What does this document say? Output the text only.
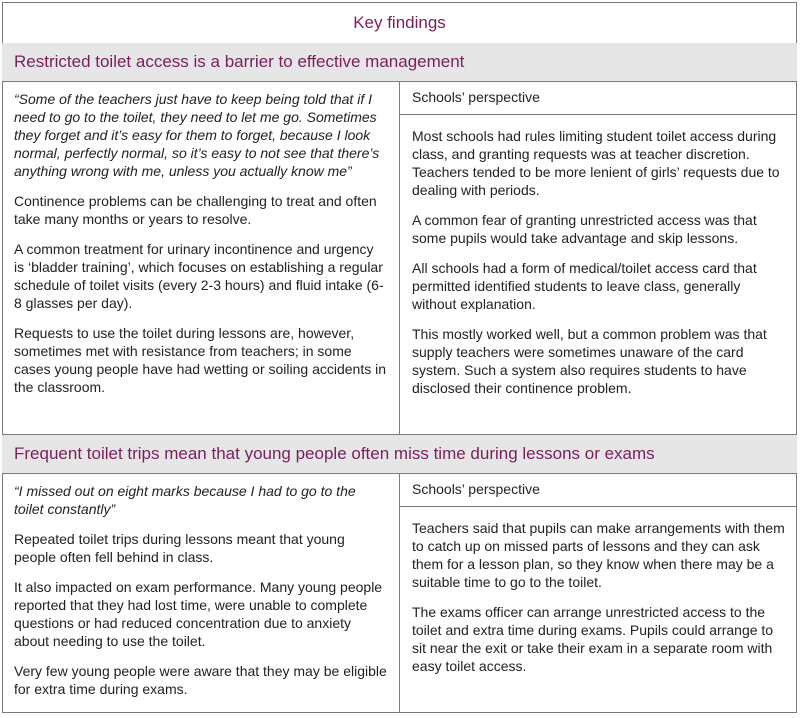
Key findings
Restricted toilet access is a barrier to effective management

“Some of the teachers just have to keep being told that if I need to go to the toilet, they need to let me go. Sometimes they forget and it’s easy for them to forget, because I look normal, perfectly normal, so it’s easy to not see that there’s anything wrong with me, unless you actually know me”

Continence problems can be challenging to treat and often take many months or years to resolve.

A common treatment for urinary incontinence and urgency is ‘bladder training’, which focuses on establishing a regular schedule of toilet visits (every 2-3 hours) and fluid intake (6-8 glasses per day).

Requests to use the toilet during lessons are, however, sometimes met with resistance from teachers; in some cases young people have had wetting or soiling accidents in the classroom.

Schools’ perspective

Most schools had rules limiting student toilet access during class, and granting requests was at teacher discretion. Teachers tended to be more lenient of girls’ requests due to dealing with periods.

A common fear of granting unrestricted access was that some pupils would take advantage and skip lessons.

All schools had a form of medical/toilet access card that permitted identified students to leave class, generally without explanation.

This mostly worked well, but a common problem was that supply teachers were sometimes unaware of the card system. Such a system also requires students to have disclosed their continence problem.

Frequent toilet trips mean that young people often miss time during lessons or exams

“I missed out on eight marks because I had to go to the toilet constantly”

Repeated toilet trips during lessons meant that young people often fell behind in class.

It also impacted on exam performance. Many young people reported that they had lost time, were unable to complete questions or had reduced concentration due to anxiety about needing to use the toilet.

Very few young people were aware that they may be eligible for extra time during exams.

Schools’ perspective

Teachers said that pupils can make arrangements with them to catch up on missed parts of lessons and they can ask them for a lesson plan, so they know when there may be a suitable time to go to the toilet.

The exams officer can arrange unrestricted access to the toilet and extra time during exams. Pupils could arrange to sit near the exit or take their exam in a separate room with easy toilet access.
